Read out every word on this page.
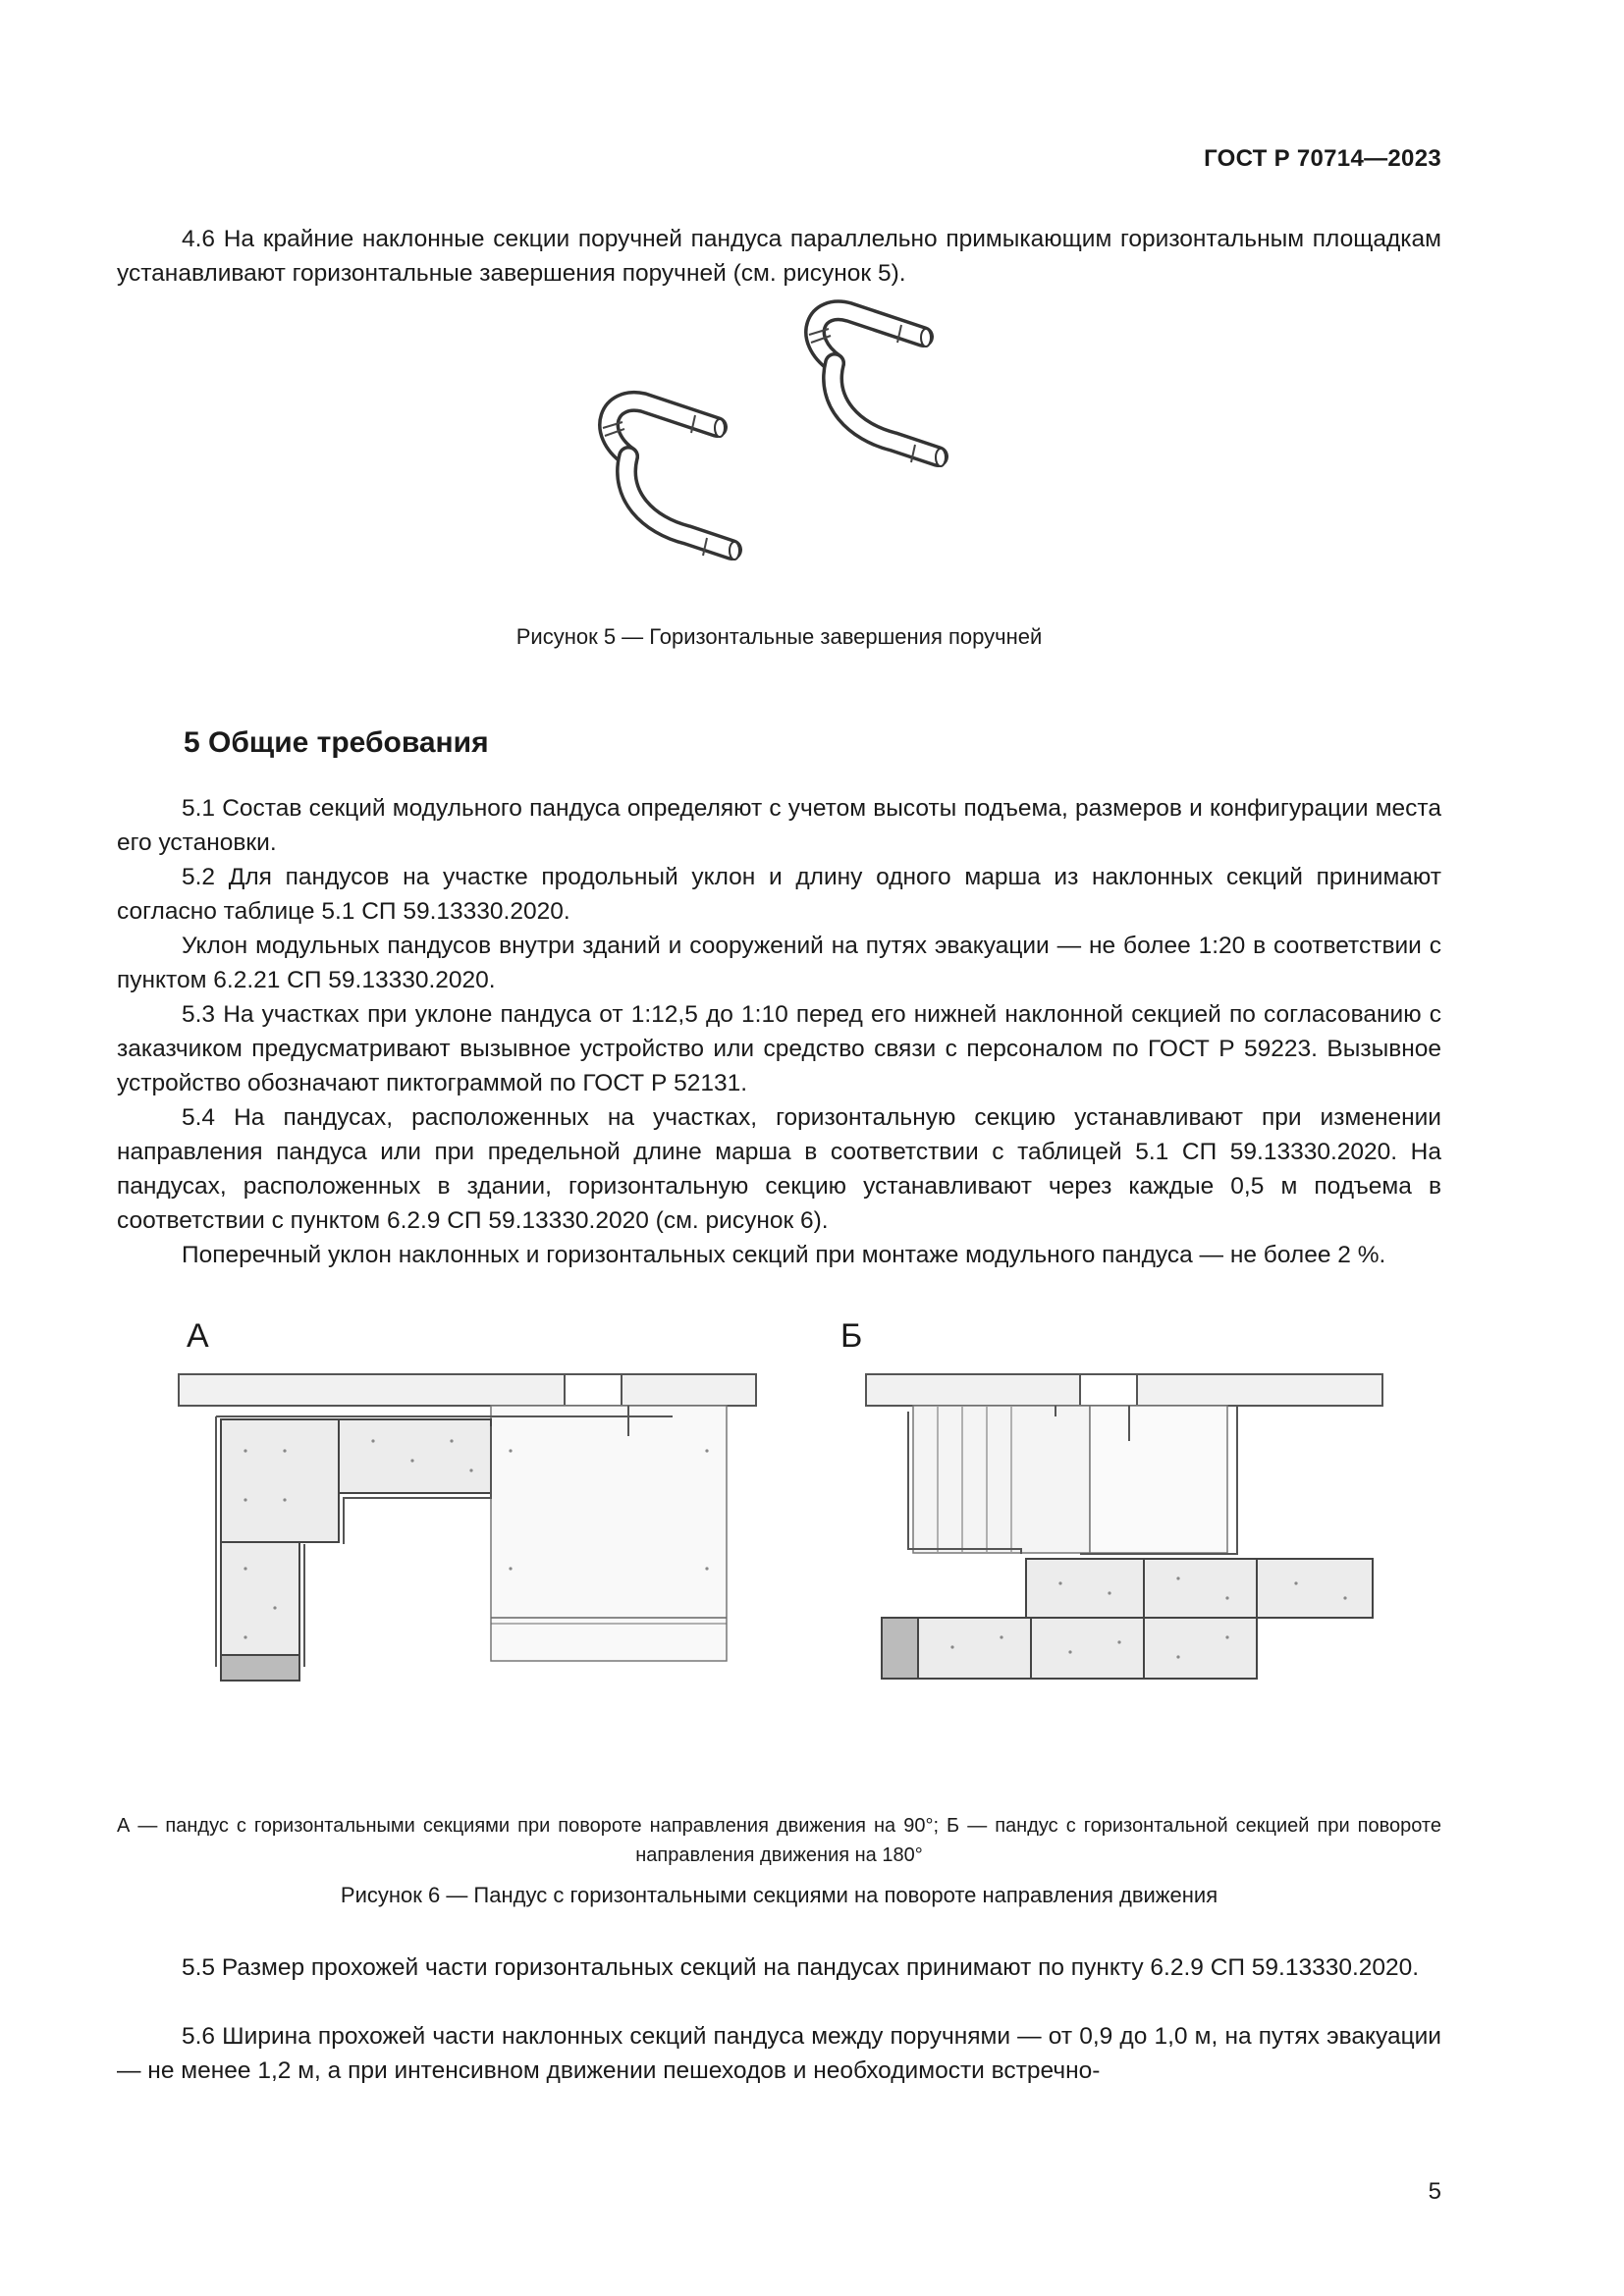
ГОСТ Р 70714—2023

4.6 На крайние наклонные секции поручней пандуса параллельно примыкающим горизонтальным площадкам устанавливают горизонтальные завершения поручней (см. рисунок 5).

Рисунок 5 — Горизонтальные завершения поручней

5 Общие требования

5.1 Состав секций модульного пандуса определяют с учетом высоты подъема, размеров и конфигурации места его установки.

5.2 Для пандусов на участке продольный уклон и длину одного марша из наклонных секций принимают согласно таблице 5.1 СП 59.13330.2020.

Уклон модульных пандусов внутри зданий и сооружений на путях эвакуации — не более 1:20 в соответствии с пунктом 6.2.21 СП 59.13330.2020.

5.3 На участках при уклоне пандуса от 1:12,5 до 1:10 перед его нижней наклонной секцией по согласованию с заказчиком предусматривают вызывное устройство или средство связи с персоналом по ГОСТ Р 59223. Вызывное устройство обозначают пиктограммой по ГОСТ Р 52131.

5.4 На пандусах, расположенных на участках, горизонтальную секцию устанавливают при изменении направления пандуса или при предельной длине марша в соответствии с таблицей 5.1 СП 59.13330.2020. На пандусах, расположенных в здании, горизонтальную секцию устанавливают через каждые 0,5 м подъема в соответствии с пунктом 6.2.9 СП 59.13330.2020 (см. рисунок 6).

Поперечный уклон наклонных и горизонтальных секций при монтаже модульного пандуса — не более 2 %.

А	Б

А — пандус с горизонтальными секциями при повороте направления движения на 90°; Б — пандус с горизонтальной секцией при повороте направления движения на 180°

Рисунок 6 — Пандус с горизонтальными секциями на повороте направления движения

5.5 Размер прохожей части горизонтальных секций на пандусах принимают по пункту 6.2.9 СП 59.13330.2020.

5.6 Ширина прохожей части наклонных секций пандуса между поручнями — от 0,9 до 1,0 м, на путях эвакуации — не менее 1,2 м, а при интенсивном движении пешеходов и необходимости встречно-

5
